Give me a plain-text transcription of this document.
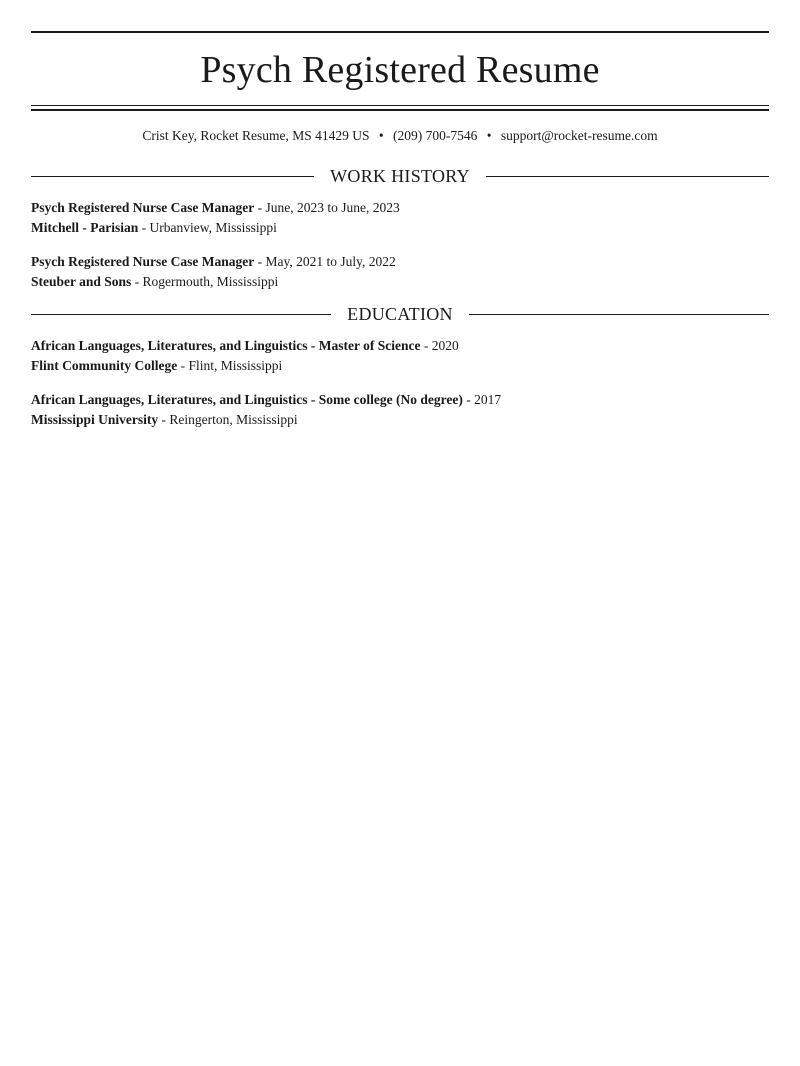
Psych Registered Resume
Crist Key, Rocket Resume, MS 41429 US • (209) 700-7546 • support@rocket-resume.com
WORK HISTORY
Psych Registered Nurse Case Manager - June, 2023 to June, 2023
Mitchell - Parisian - Urbanview, Mississippi
Psych Registered Nurse Case Manager - May, 2021 to July, 2022
Steuber and Sons - Rogermouth, Mississippi
EDUCATION
African Languages, Literatures, and Linguistics - Master of Science - 2020
Flint Community College - Flint, Mississippi
African Languages, Literatures, and Linguistics - Some college (No degree) - 2017
Mississippi University - Reingerton, Mississippi
